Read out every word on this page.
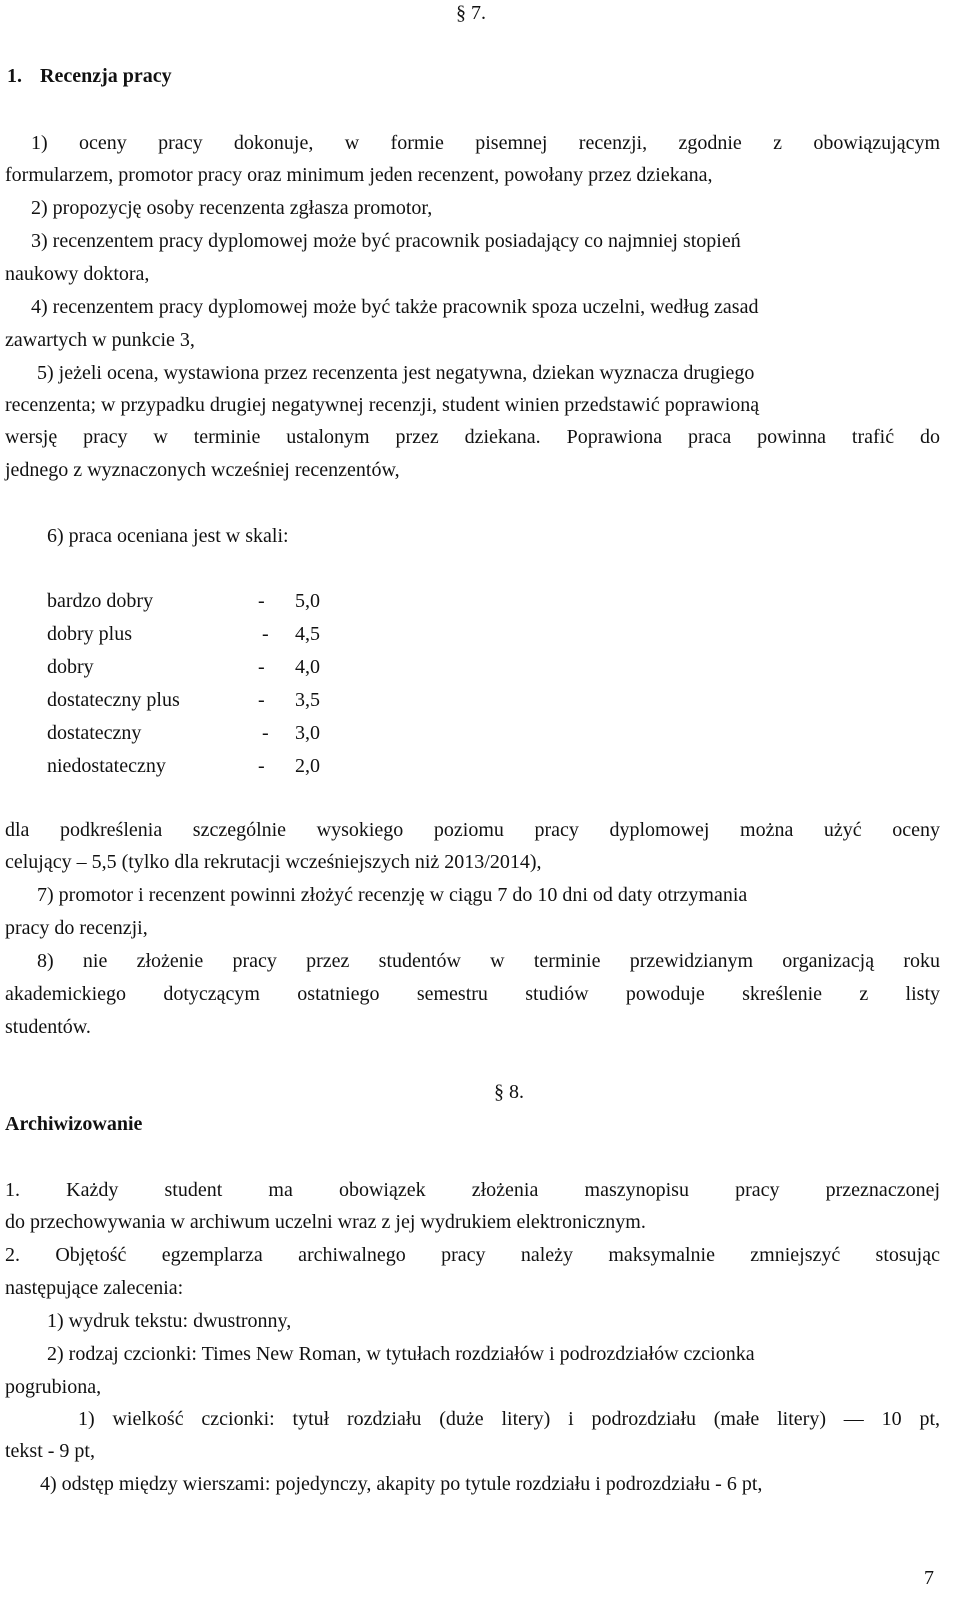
§ 7.
1. Recenzja pracy
1) oceny pracy dokonuje, w formie pisemnej recenzji, zgodnie z obowiązującym
formularzem, promotor pracy oraz minimum jeden recenzent, powołany przez dziekana,
2) propozycję osoby recenzenta zgłasza promotor,
3) recenzentem pracy dyplomowej może być pracownik posiadający co najmniej stopień
naukowy doktora,
4) recenzentem pracy dyplomowej może być także pracownik spoza uczelni, według zasad
zawartych w punkcie 3,
5) jeżeli ocena, wystawiona przez recenzenta jest negatywna, dziekan wyznacza drugiego
recenzenta; w przypadku drugiej negatywnej recenzji, student winien przedstawić poprawioną
wersję pracy w terminie ustalonym przez dziekana. Poprawiona praca powinna trafić do
jednego z wyznaczonych wcześniej recenzentów,
6) praca oceniana jest w skali:
bardzo dobry	- 5,0
dobry plus	- 4,5
dobry	- 4,0
dostateczny plus	- 3,5
dostateczny	- 3,0
niedostateczny	- 2,0
dla podkreślenia szczególnie wysokiego poziomu pracy dyplomowej można użyć oceny
celujący – 5,5 (tylko dla rekrutacji wcześniejszych niż 2013/2014),
7) promotor i recenzent powinni złożyć recenzję w ciągu 7 do 10 dni od daty otrzymania
pracy do recenzji,
8) nie złożenie pracy przez studentów w terminie przewidzianym organizacją roku
akademickiego dotyczącym ostatniego semestru studiów powoduje skreślenie z listy
studentów.
§ 8.
Archiwizowanie
1. Każdy student ma obowiązek złożenia maszynopisu pracy przeznaczonej
do przechowywania w archiwum uczelni wraz z jej wydrukiem elektronicznym.
2. Objętość egzemplarza archiwalnego pracy należy maksymalnie zmniejszyć stosując
następujące zalecenia:
1) wydruk tekstu: dwustronny,
2) rodzaj czcionki: Times New Roman, w tytułach rozdziałów i podrozdziałów czcionka
pogrubiona,
1) wielkość czcionki: tytuł rozdziału (duże litery) i podrozdziału (małe litery) — 10 pt,
tekst - 9 pt,
4) odstęp między wierszami: pojedynczy, akapity po tytule rozdziału i podrozdziału - 6 pt,
7
